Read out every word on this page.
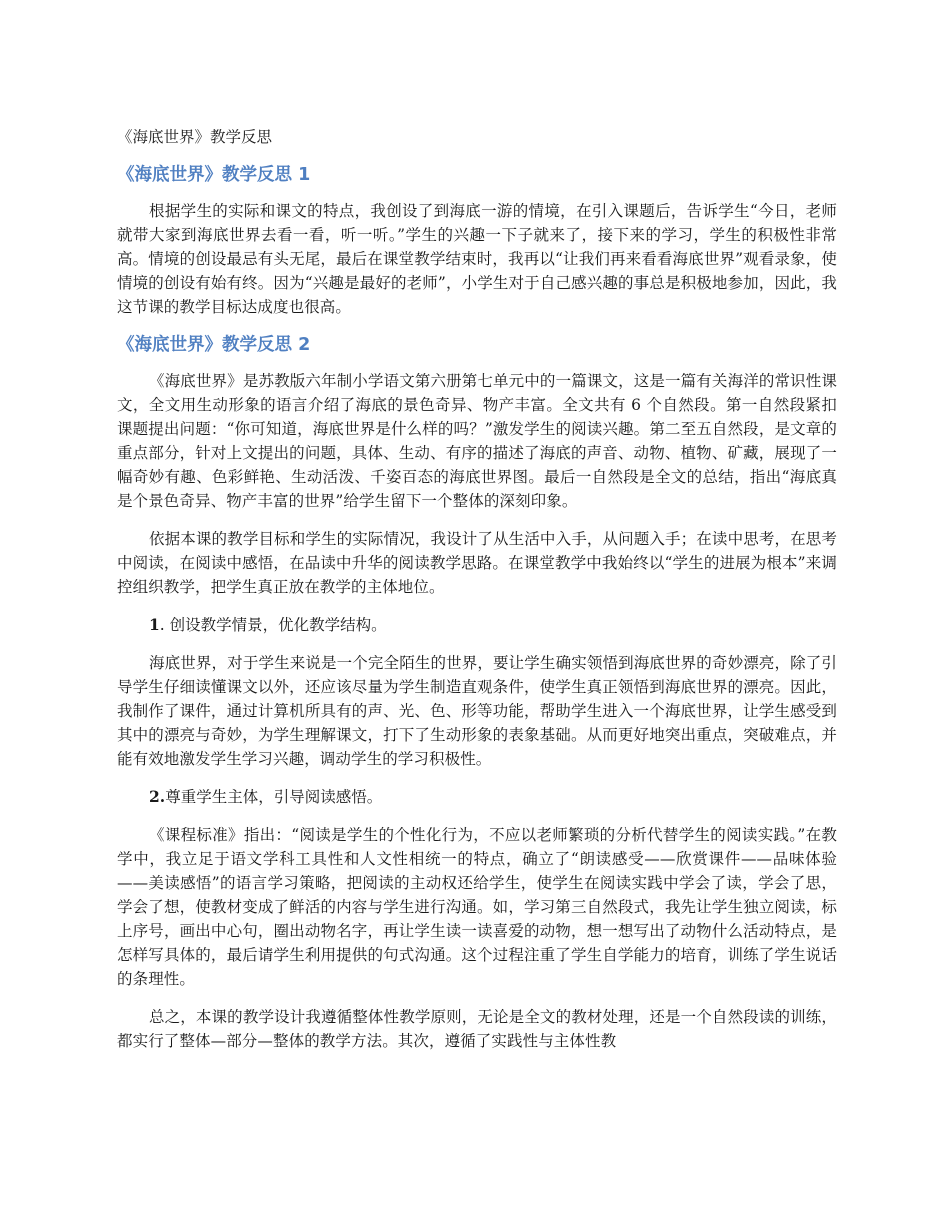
《海底世界》教学反思

《海底世界》教学反思 1

根据学生的实际和课文的特点，我创设了到海底一游的情境，在引入课题后，告诉学生“今日，老师就带大家到海底世界去看一看，听一听。”学生的兴趣一下子就来了，接下来的学习，学生的积极性非常高。情境的创设最忌有头无尾，最后在课堂教学结束时，我再以“让我们再来看看海底世界”观看录象，使情境的创设有始有终。因为“兴趣是最好的老师”，小学生对于自己感兴趣的事总是积极地参加，因此，我这节课的教学目标达成度也很高。

《海底世界》教学反思 2

《海底世界》是苏教版六年制小学语文第六册第七单元中的一篇课文，这是一篇有关海洋的常识性课文，全文用生动形象的语言介绍了海底的景色奇异、物产丰富。全文共有 6 个自然段。第一自然段紧扣课题提出问题：“你可知道，海底世界是什么样的吗？”激发学生的阅读兴趣。第二至五自然段，是文章的重点部分，针对上文提出的问题，具体、生动、有序的描述了海底的声音、动物、植物、矿藏，展现了一幅奇妙有趣、色彩鲜艳、生动活泼、千姿百态的海底世界图。最后一自然段是全文的总结，指出“海底真是个景色奇异、物产丰富的世界”给学生留下一个整体的深刻印象。

依据本课的教学目标和学生的实际情况，我设计了从生活中入手，从问题入手；在读中思考，在思考中阅读，在阅读中感悟，在品读中升华的阅读教学思路。在课堂教学中我始终以“学生的进展为根本”来调控组织教学，把学生真正放在教学的主体地位。

1. 创设教学情景，优化教学结构。

海底世界，对于学生来说是一个完全陌生的世界，要让学生确实领悟到海底世界的奇妙漂亮，除了引导学生仔细读懂课文以外，还应该尽量为学生制造直观条件，使学生真正领悟到海底世界的漂亮。因此，我制作了课件，通过计算机所具有的声、光、色、形等功能，帮助学生进入一个海底世界，让学生感受到其中的漂亮与奇妙，为学生理解课文，打下了生动形象的表象基础。从而更好地突出重点，突破难点，并能有效地激发学生学习兴趣，调动学生的学习积极性。

2.尊重学生主体，引导阅读感悟。

《课程标准》指出：“阅读是学生的个性化行为，不应以老师繁琐的分析代替学生的阅读实践。”在教学中，我立足于语文学科工具性和人文性相统一的特点，确立了“朗读感受——欣赏课件——品味体验——美读感悟”的语言学习策略，把阅读的主动权还给学生，使学生在阅读实践中学会了读，学会了思，学会了想，使教材变成了鲜活的内容与学生进行沟通。如，学习第三自然段式，我先让学生独立阅读，标上序号，画出中心句，圈出动物名字，再让学生读一读喜爱的动物，想一想写出了动物什么活动特点，是怎样写具体的，最后请学生利用提供的句式沟通。这个过程注重了学生自学能力的培育，训练了学生说话的条理性。

总之，本课的教学设计我遵循整体性教学原则，无论是全文的教材处理，还是一个自然段读的训练，都实行了整体—部分—整体的教学方法。其次，遵循了实践性与主体性教
